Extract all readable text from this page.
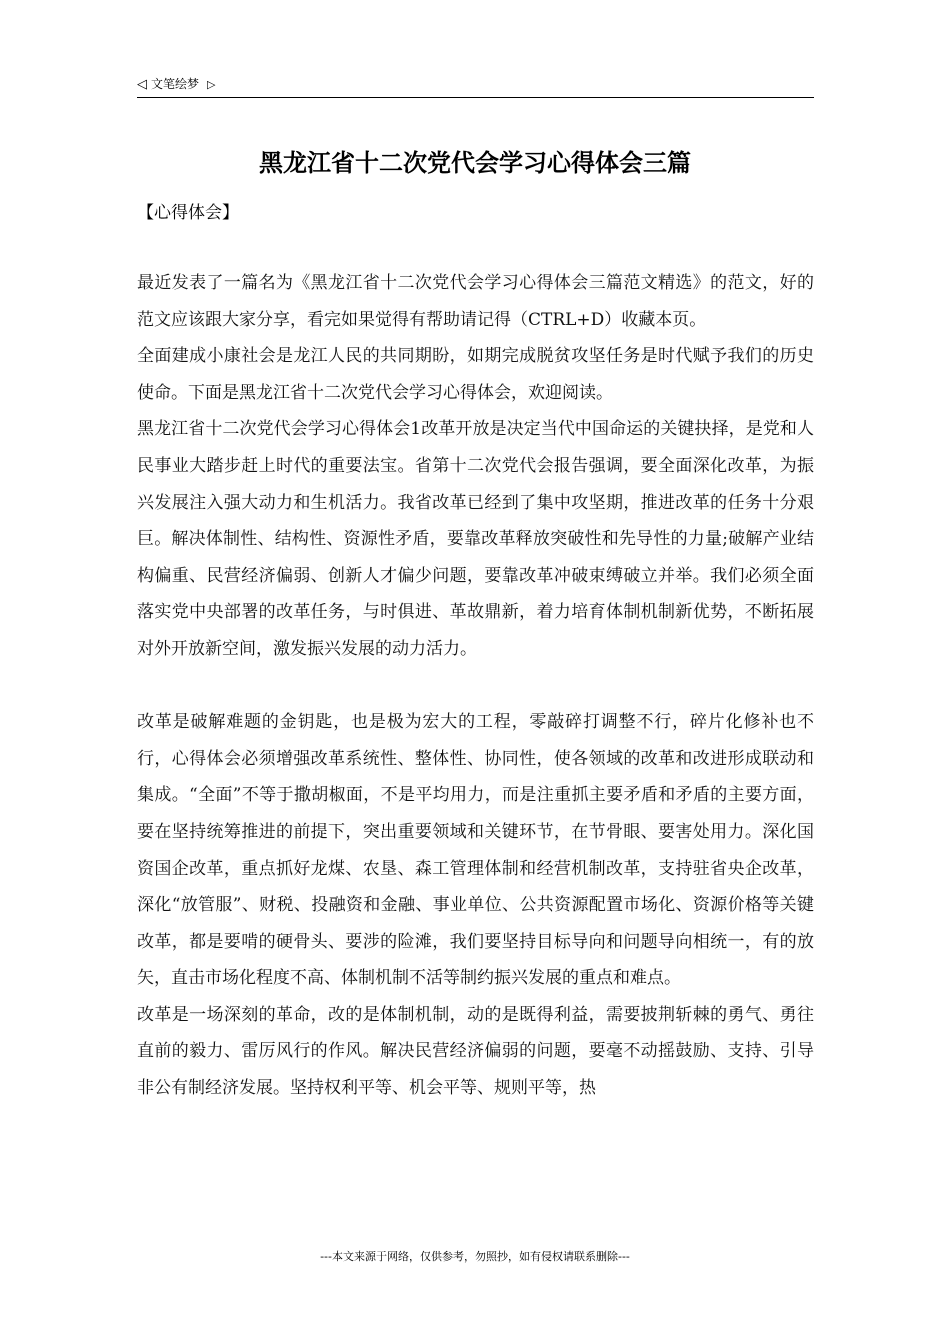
◁ 文笔绘梦 ▷
黑龙江省十二次党代会学习心得体会三篇
【心得体会】

最近发表了一篇名为《黑龙江省十二次党代会学习心得体会三篇范文精选》的范文，好的范文应该跟大家分享，看完如果觉得有帮助请记得（CTRL+D）收藏本页。

全面建成小康社会是龙江人民的共同期盼，如期完成脱贫攻坚任务是时代赋予我们的历史使命。下面是黑龙江省十二次党代会学习心得体会，欢迎阅读。

黑龙江省十二次党代会学习心得体会1改革开放是决定当代中国命运的关键抉择，是党和人民事业大踏步赶上时代的重要法宝。省第十二次党代会报告强调，要全面深化改革，为振兴发展注入强大动力和生机活力。我省改革已经到了集中攻坚期，推进改革的任务十分艰巨。解决体制性、结构性、资源性矛盾，要靠改革释放突破性和先导性的力量;破解产业结构偏重、民营经济偏弱、创新人才偏少问题，要靠改革冲破束缚破立并举。我们必须全面落实党中央部署的改革任务，与时俱进、革故鼎新，着力培育体制机制新优势，不断拓展对外开放新空间，激发振兴发展的动力活力。

改革是破解难题的金钥匙，也是极为宏大的工程，零敲碎打调整不行，碎片化修补也不行，心得体会必须增强改革系统性、整体性、协同性，使各领域的改革和改进形成联动和集成。“全面”不等于撒胡椒面，不是平均用力，而是注重抓主要矛盾和矛盾的主要方面，要在坚持统筹推进的前提下，突出重要领域和关键环节，在节骨眼、要害处用力。深化国资国企改革，重点抓好龙煤、农垦、森工管理体制和经营机制改革，支持驻省央企改革，深化“放管服”、财税、投融资和金融、事业单位、公共资源配置市场化、资源价格等关键改革，都是要啃的硬骨头、要涉的险滩，我们要坚持目标导向和问题导向相统一，有的放矢，直击市场化程度不高、体制机制不活等制约振兴发展的重点和难点。

改革是一场深刻的革命，改的是体制机制，动的是既得利益，需要披荆斩棘的勇气、勇往直前的毅力、雷厉风行的作风。解决民营经济偏弱的问题，要毫不动摇鼓励、支持、引导非公有制经济发展。坚持权利平等、机会平等、规则平等，热

---本文来源于网络，仅供参考，勿照抄，如有侵权请联系删除---
